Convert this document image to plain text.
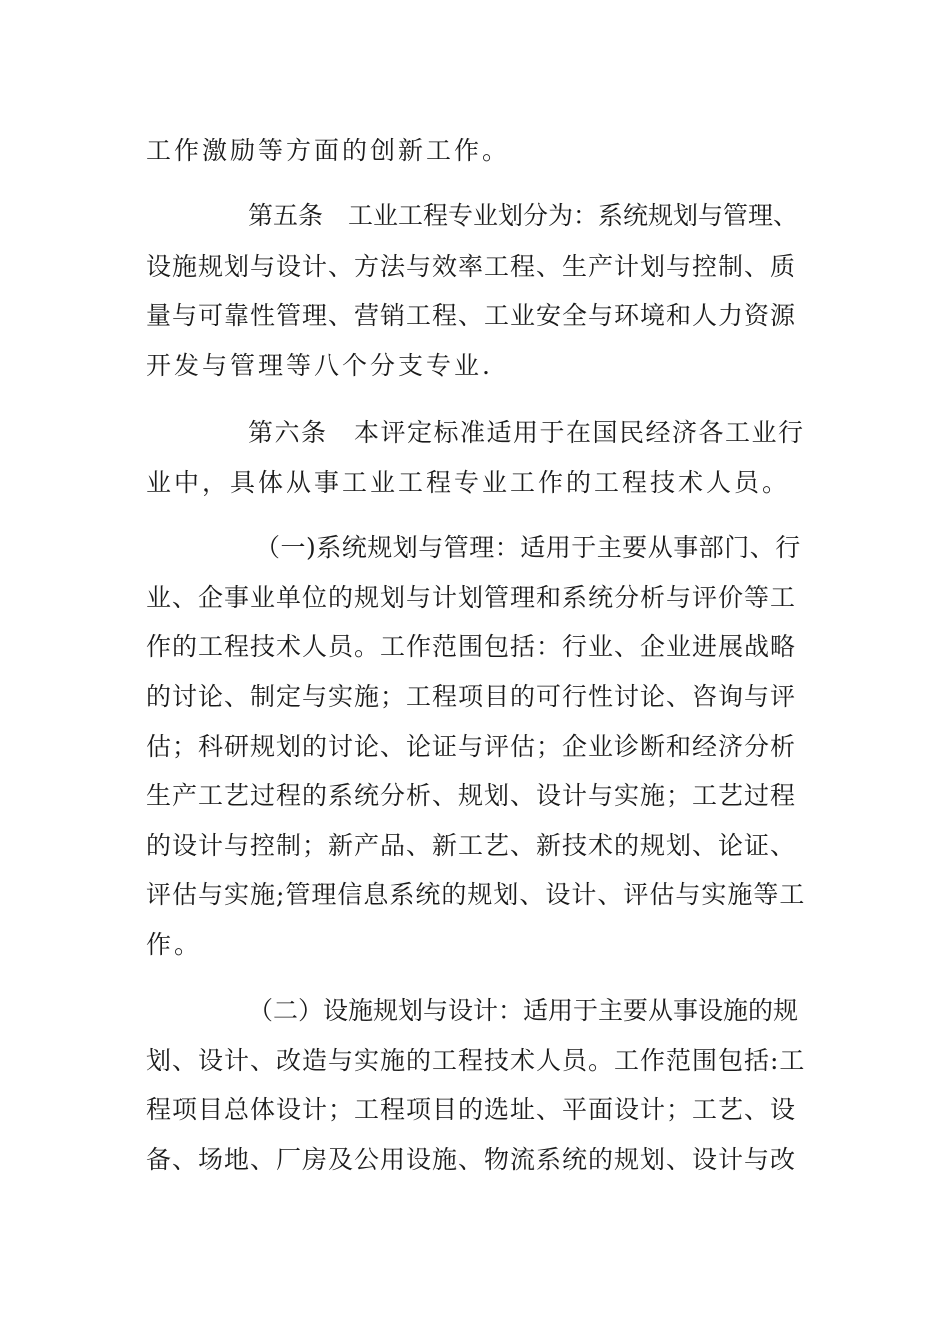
工作激励等方面的创新工作。
第五条　工业工程专业划分为：系统规划与管理、
设施规划与设计、方法与效率工程、生产计划与控制、质
量与可靠性管理、营销工程、工业安全与环境和人力资源
开发与管理等八个分支专业.
第六条　本评定标准适用于在国民经济各工业行
业中，具体从事工业工程专业工作的工程技术人员。
（一)系统规划与管理：适用于主要从事部门、行
业、企事业单位的规划与计划管理和系统分析与评价等工
作的工程技术人员。工作范围包括：行业、企业进展战略
的讨论、制定与实施；工程项目的可行性讨论、咨询与评
估；科研规划的讨论、论证与评估；企业诊断和经济分析
生产工艺过程的系统分析、规划、设计与实施；工艺过程
的设计与控制；新产品、新工艺、新技术的规划、论证、
评估与实施;管理信息系统的规划、设计、评估与实施等工
作。
（二）设施规划与设计：适用于主要从事设施的规
划、设计、改造与实施的工程技术人员。工作范围包括:工
程项目总体设计；工程项目的选址、平面设计；工艺、设
备、场地、厂房及公用设施、物流系统的规划、设计与改
